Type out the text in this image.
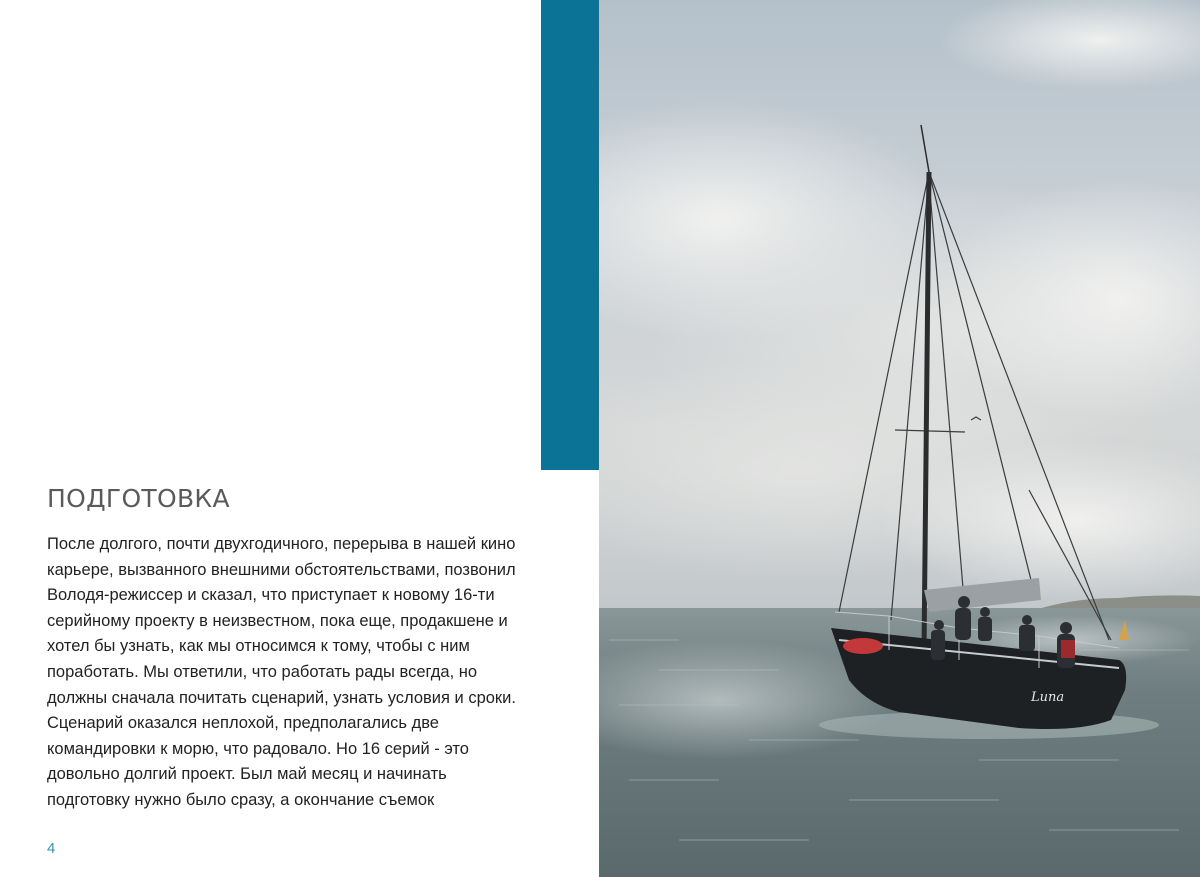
Luna
ПОДГОТОВКА

После долгого, почти двухгодичного, перерыва в нашей кино
карьере, вызванного внешними обстоятельствами, позвонил
Володя-режиссер и сказал, что приступает к новому 16-ти
серийному проекту в неизвестном, пока еще, продакшене и
хотел бы узнать, как мы относимся к тому, чтобы с ним
поработать. Мы ответили, что работать рады всегда, но
должны сначала почитать сценарий, узнать условия и сроки.
Сценарий оказался неплохой, предполагались две
командировки к морю, что радовало. Но 16 серий - это
довольно долгий проект. Был май месяц и начинать
подготовку нужно было сразу, а окончание съемок

4
